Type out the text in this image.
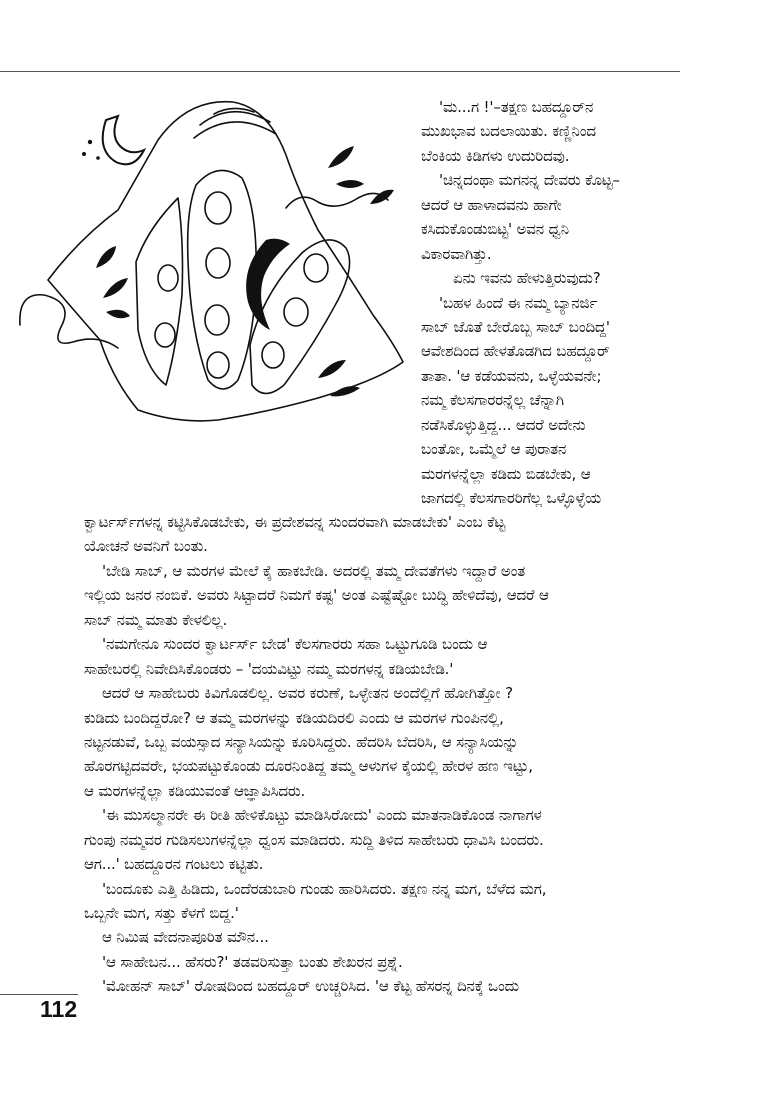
'ಮ...ಗ !'–ತಕ್ಷಣ ಬಹದ್ದೂರ್‌ನ
ಮುಖಭಾವ ಬದಲಾಯಿತು. ಕಣ್ಣಿನಿಂದ
ಬೆಂಕಿಯ ಕಿಡಿಗಳು ಉದುರಿದವು.
'ಚಿನ್ನದಂಥಾ ಮಗನನ್ನ ದೇವರು ಕೊಟ್ಟ–
ಆದರೆ ಆ ಹಾಳಾದವನು ಹಾಗೇ
ಕಸಿದುಕೊಂಡುಬಿಟ್ಟ' ಅವನ ಧ್ವನಿ
ವಿಕಾರವಾಗಿತ್ತು.
ಏನು ಇವನು ಹೇಳುತ್ತಿರುವುದು?
'ಬಹಳ ಹಿಂದೆ ಈ ನಮ್ಮ ಬ್ಯಾನರ್ಜಿ
ಸಾಬ್ ಜೊತೆ ಬೇರೊಬ್ಬ ಸಾಬ್ ಬಂದಿದ್ದ'
ಆವೇಶದಿಂದ ಹೇಳತೊಡಗಿದ ಬಹದ್ದೂರ್
ತಾತಾ. 'ಆ ಕಡೆಯವನು, ಒಳ್ಳೆಯವನೇ;
ನಮ್ಮ ಕೆಲಸಗಾರರನ್ನೆಲ್ಲ ಚೆನ್ನಾಗಿ
ನಡೆಸಿಕೊಳ್ಳುತ್ತಿದ್ದ... ಆದರೆ ಅದೇನು
ಬಂತೋ, ಒಮ್ಮೆಲೆ ಆ ಪುರಾತನ
ಮರಗಳನ್ನೆಲ್ಲಾ ಕಡಿದು ಬಿಡಬೇಕು, ಆ
ಜಾಗದಲ್ಲಿ ಕೆಲಸಗಾರರಿಗೆಲ್ಲ ಒಳ್ಳೊಳ್ಳೆಯ
ಕ್ವಾರ್ಟರ್ಸ್‌ಗಳನ್ನ ಕಟ್ಟಿಸಿಕೊಡಬೇಕು, ಈ ಪ್ರದೇಶವನ್ನ ಸುಂದರವಾಗಿ ಮಾಡಬೇಕು' ಎಂಬ ಕೆಟ್ಟ
ಯೋಚನೆ ಅವನಿಗೆ ಬಂತು.
'ಬೇಡಿ ಸಾಬ್, ಆ ಮರಗಳ ಮೇಲೆ ಕೈ ಹಾಕಬೇಡಿ. ಅದರಲ್ಲಿ ತಮ್ಮ ದೇವತೆಗಳು ಇದ್ದಾರೆ ಅಂತ
ಇಲ್ಲಿಯ ಜನರ ನಂಬಿಕೆ. ಅವರು ಸಿಟ್ಟಾದರೆ ನಿಮಗೆ ಕಷ್ಟ' ಅಂತ ಎಷ್ಟೆಷ್ಟೋ ಬುದ್ಧಿ ಹೇಳಿದೆವು, ಆದರೆ ಆ
ಸಾಬ್ ನಮ್ಮ ಮಾತು ಕೇಳಲಿಲ್ಲ.
'ನಮಗೇನೂ ಸುಂದರ ಕ್ವಾರ್ಟರ್ಸ್ ಬೇಡ' ಕೆಲಸಗಾರರು ಸಹಾ ಒಟ್ಟುಗೂಡಿ ಬಂದು ಆ
ಸಾಹೇಬರಲ್ಲಿ ನಿವೇದಿಸಿಕೊಂಡರು – 'ದಯವಿಟ್ಟು ನಮ್ಮ ಮರಗಳನ್ನ ಕಡಿಯಬೇಡಿ.'
ಆದರೆ ಆ ಸಾಹೇಬರು ಕಿವಿಗೊಡಲಿಲ್ಲ. ಅವರ ಕರುಣೆ, ಒಳ್ಳೇತನ ಅಂದೆಲ್ಲಿಗೆ ಹೋಗಿತ್ತೋ ?
ಕುಡಿದು ಬಂದಿದ್ದರೋ? ಆ ತಮ್ಮ ಮರಗಳನ್ನು ಕಡಿಯದಿರಲಿ ಎಂದು ಆ ಮರಗಳ ಗುಂಪಿನಲ್ಲಿ,
ನಟ್ಟನಡುವೆ, ಒಬ್ಬ ವಯಸ್ಸಾದ ಸನ್ಯಾಸಿಯನ್ನು ಕೂರಿಸಿದ್ದರು. ಹೆದರಿಸಿ ಬೆದರಿಸಿ, ಆ ಸನ್ಯಾಸಿಯನ್ನು
ಹೊರಗಟ್ಟಿದವರೇ, ಭಯಪಟ್ಟುಕೊಂಡು ದೂರನಿಂತಿದ್ದ ತಮ್ಮ ಆಳುಗಳ ಕೈಯಲ್ಲಿ ಹೇರಳ ಹಣ ಇಟ್ಟು,
ಆ ಮರಗಳನ್ನೆಲ್ಲಾ ಕಡಿಯುವಂತೆ ಆಜ್ಞಾಪಿಸಿದರು.
'ಈ ಮುಸಲ್ಮಾನರೇ ಈ ರೀತಿ ಹೇಳಿಕೊಟ್ಟು ಮಾಡಿಸಿರೋದು' ಎಂದು ಮಾತನಾಡಿಕೊಂಡ ನಾಗಾಗಳ
ಗುಂಪು ನಮ್ಮವರ ಗುಡಿಸಲುಗಳನ್ನೆಲ್ಲಾ ಧ್ವಂಸ ಮಾಡಿದರು. ಸುದ್ದಿ ತಿಳಿದ ಸಾಹೇಬರು ಧಾವಿಸಿ ಬಂದರು.
ಆಗ...' ಬಹದ್ದೂರನ ಗಂಟಲು ಕಟ್ಟಿತು.
'ಬಂದೂಕು ಎತ್ತಿ ಹಿಡಿದು, ಒಂದೆರಡುಬಾರಿ ಗುಂಡು ಹಾರಿಸಿದರು. ತಕ್ಷಣ ನನ್ನ ಮಗ, ಬೆಳೆದ ಮಗ,
ಒಬ್ಬನೇ ಮಗ, ಸತ್ತು ಕೆಳಗೆ ಬಿದ್ದ.'
ಆ ನಿಮಿಷ ವೇದನಾಪೂರಿತ ಮೌನ...
'ಆ ಸಾಹೇಬನ... ಹೆಸರು?' ತಡವರಿಸುತ್ತಾ ಬಂತು ಶೇಖರನ ಪ್ರಶ್ನೆ.
'ಮೋಹನ್ ಸಾಬ್' ರೋಷದಿಂದ ಬಹದ್ದೂರ್ ಉಚ್ಚರಿಸಿದ. 'ಆ ಕೆಟ್ಟ ಹೆಸರನ್ನ ದಿನಕ್ಕೆ ಒಂದು
112
